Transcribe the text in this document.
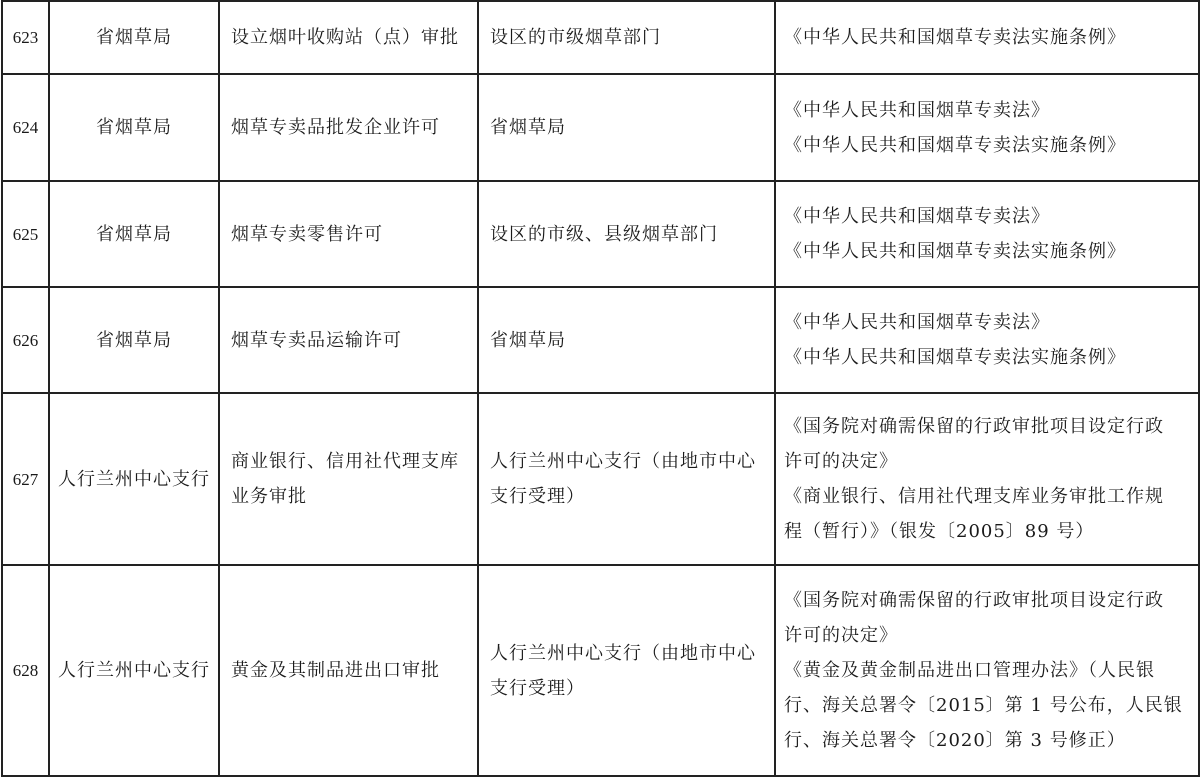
623	省烟草局	设立烟叶收购站（点）审批	设区的市级烟草部门	《中华人民共和国烟草专卖法实施条例》

624	省烟草局	烟草专卖品批发企业许可	省烟草局	《中华人民共和国烟草专卖法》
《中华人民共和国烟草专卖法实施条例》

625	省烟草局	烟草专卖零售许可	设区的市级、县级烟草部门	《中华人民共和国烟草专卖法》
《中华人民共和国烟草专卖法实施条例》

626	省烟草局	烟草专卖品运输许可	省烟草局	《中华人民共和国烟草专卖法》
《中华人民共和国烟草专卖法实施条例》

627	人行兰州中心支行	商业银行、信用社代理支库
业务审批	人行兰州中心支行（由地市中心
支行受理）	《国务院对确需保留的行政审批项目设定行政
许可的决定》
《商业银行、信用社代理支库业务审批工作规
程（暂行）》（银发〔2005〕89 号）

628	人行兰州中心支行	黄金及其制品进出口审批	人行兰州中心支行（由地市中心
支行受理）	《国务院对确需保留的行政审批项目设定行政
许可的决定》
《黄金及黄金制品进出口管理办法》（人民银
行、海关总署令〔2015〕第 1 号公布，人民银
行、海关总署令〔2020〕第 3 号修正）
